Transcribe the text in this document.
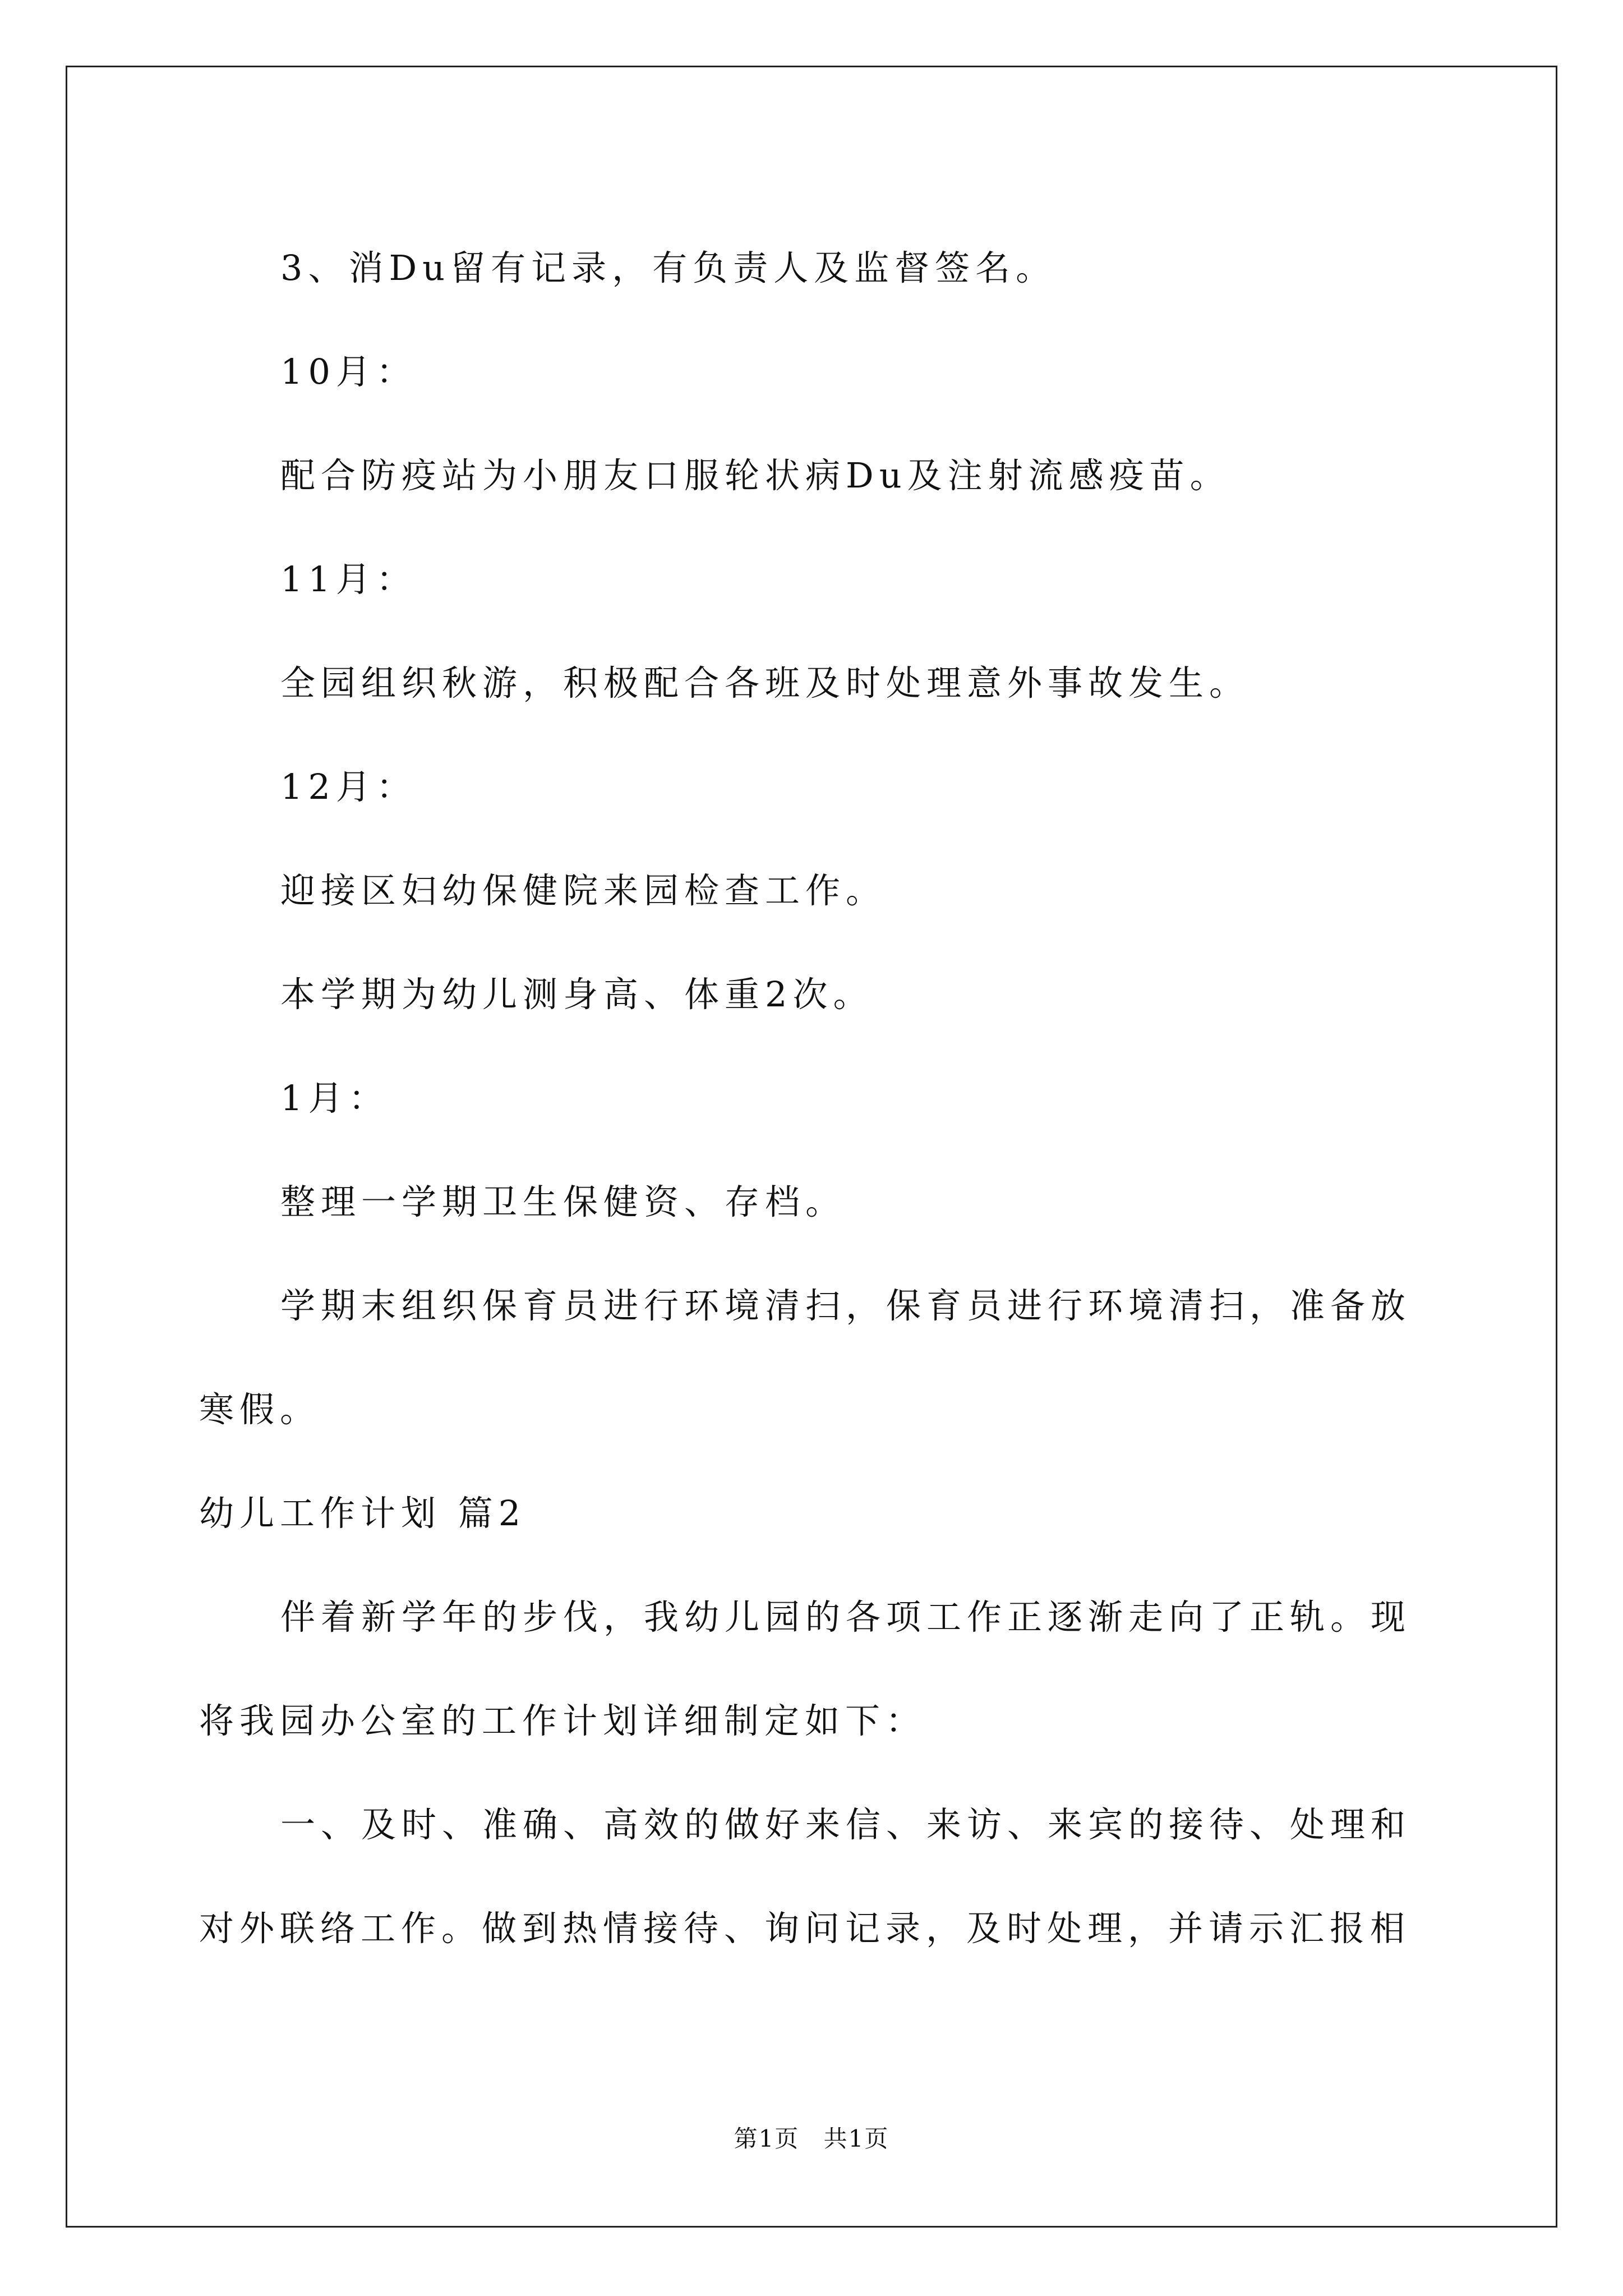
3、消Du留有记录，有负责人及监督签名。

10月：

配合防疫站为小朋友口服轮状病Du及注射流感疫苗。

11月：

全园组织秋游，积极配合各班及时处理意外事故发生。

12月：

迎接区妇幼保健院来园检查工作。

本学期为幼儿测身高、体重2次。

1月：

整理一学期卫生保健资、存档。

学期末组织保育员进行环境清扫，保育员进行环境清扫，准备放寒假。

幼儿工作计划 篇2

伴着新学年的步伐，我幼儿园的各项工作正逐渐走向了正轨。现将我园办公室的工作计划详细制定如下：

一、及时、准确、高效的做好来信、来访、来宾的接待、处理和对外联络工作。做到热情接待、询问记录，及时处理，并请示汇报相

第1页 共1页
